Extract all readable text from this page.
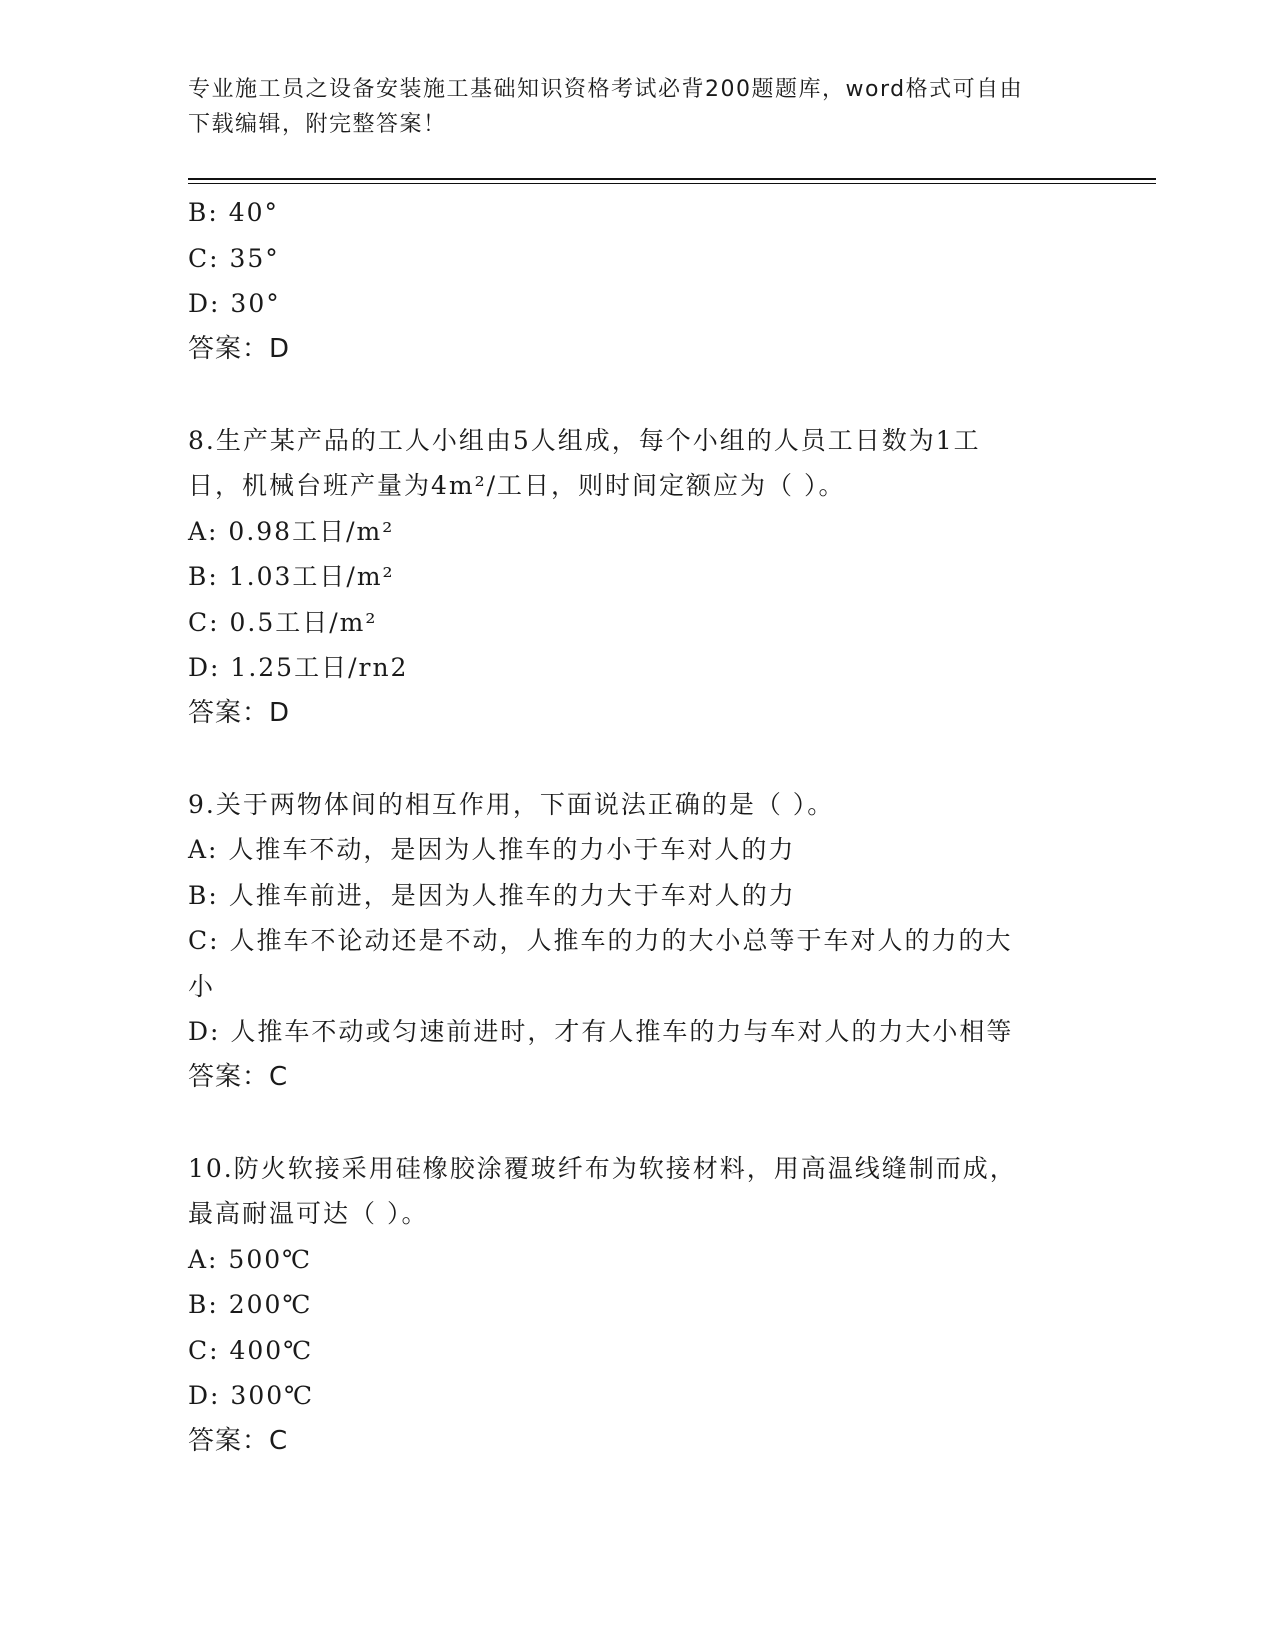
专业施工员之设备安装施工基础知识资格考试必背200题题库，word格式可自由
下载编辑，附完整答案！
B: 40°
C: 35°
D: 30°
答案：D
8.生产某产品的工人小组由5人组成，每个小组的人员工日数为1工
日，机械台班产量为4m²/工日，则时间定额应为（ ）。
A: 0.98工日/m²
B: 1.03工日/m²
C: 0.5工日/m²
D: 1.25工日/rn2
答案：D
9.关于两物体间的相互作用，下面说法正确的是（ ）。
A: 人推车不动，是因为人推车的力小于车对人的力
B: 人推车前进，是因为人推车的力大于车对人的力
C: 人推车不论动还是不动，人推车的力的大小总等于车对人的力的大
小
D: 人推车不动或匀速前进时，才有人推车的力与车对人的力大小相等
答案：C
10.防火软接采用硅橡胶涂覆玻纤布为软接材料，用高温线缝制而成，
最高耐温可达（ ）。
A: 500℃
B: 200℃
C: 400℃
D: 300℃
答案：C
